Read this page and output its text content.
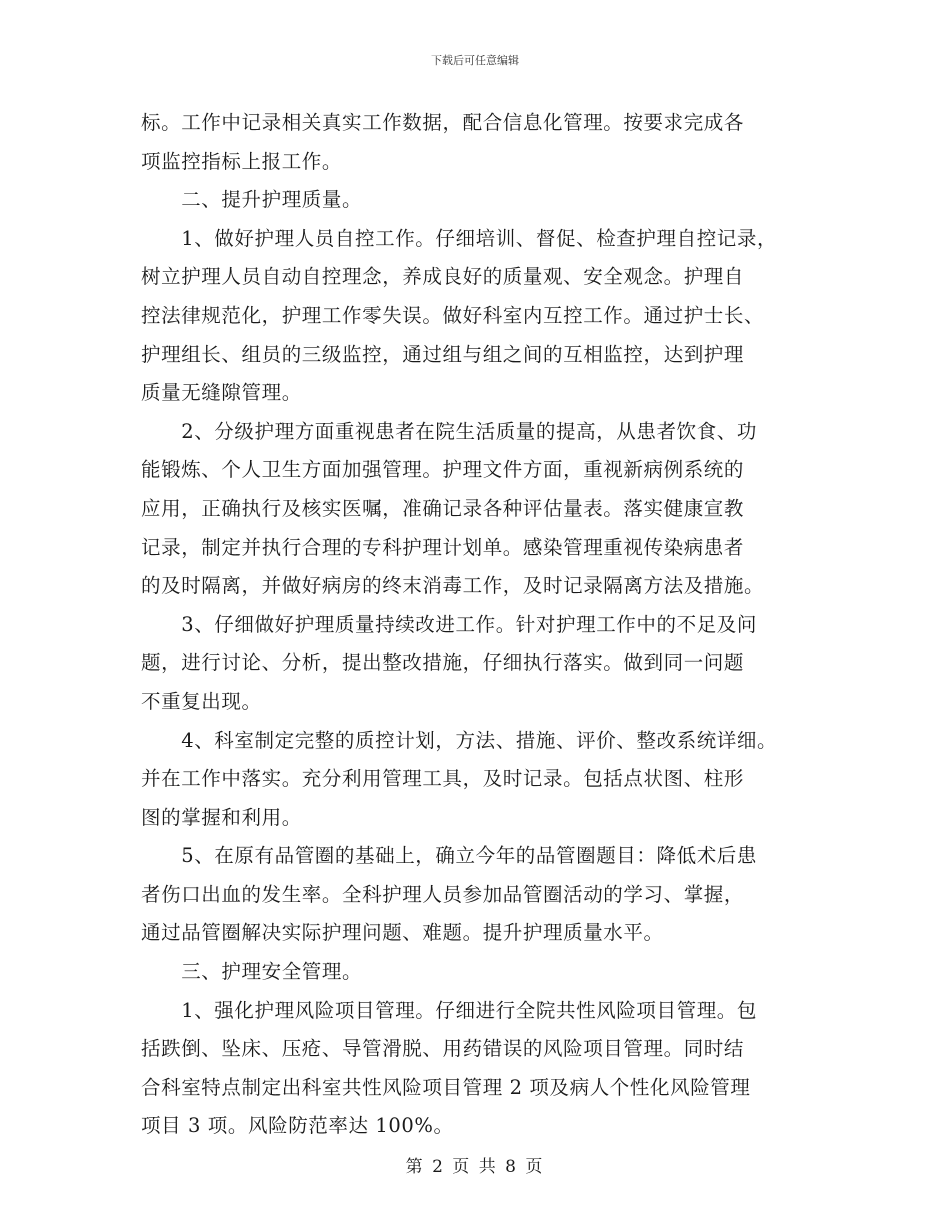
下载后可任意编辑
标。工作中记录相关真实工作数据，配合信息化管理。按要求完成各
项监控指标上报工作。
　　二、提升护理质量。
　　1、做好护理人员自控工作。仔细培训、督促、检查护理自控记录，
树立护理人员自动自控理念，养成良好的质量观、安全观念。护理自
控法律规范化，护理工作零失误。做好科室内互控工作。通过护士长、
护理组长、组员的三级监控，通过组与组之间的互相监控，达到护理
质量无缝隙管理。
　　2、分级护理方面重视患者在院生活质量的提高，从患者饮食、功
能锻炼、个人卫生方面加强管理。护理文件方面，重视新病例系统的
应用，正确执行及核实医嘱，准确记录各种评估量表。落实健康宣教
记录，制定并执行合理的专科护理计划单。感染管理重视传染病患者
的及时隔离，并做好病房的终末消毒工作，及时记录隔离方法及措施。
　　3、仔细做好护理质量持续改进工作。针对护理工作中的不足及问
题，进行讨论、分析，提出整改措施，仔细执行落实。做到同一问题
不重复出现。
　　4、科室制定完整的质控计划，方法、措施、评价、整改系统详细。
并在工作中落实。充分利用管理工具，及时记录。包括点状图、柱形
图的掌握和利用。
　　5、在原有品管圈的基础上，确立今年的品管圈题目：降低术后患
者伤口出血的发生率。全科护理人员参加品管圈活动的学习、掌握，
通过品管圈解决实际护理问题、难题。提升护理质量水平。
　　三、护理安全管理。
　　1、强化护理风险项目管理。仔细进行全院共性风险项目管理。包
括跌倒、坠床、压疮、导管滑脱、用药错误的风险项目管理。同时结
合科室特点制定出科室共性风险项目管理 2 项及病人个性化风险管理
项目 3 项。风险防范率达 100%。
第 2 页 共 8 页
